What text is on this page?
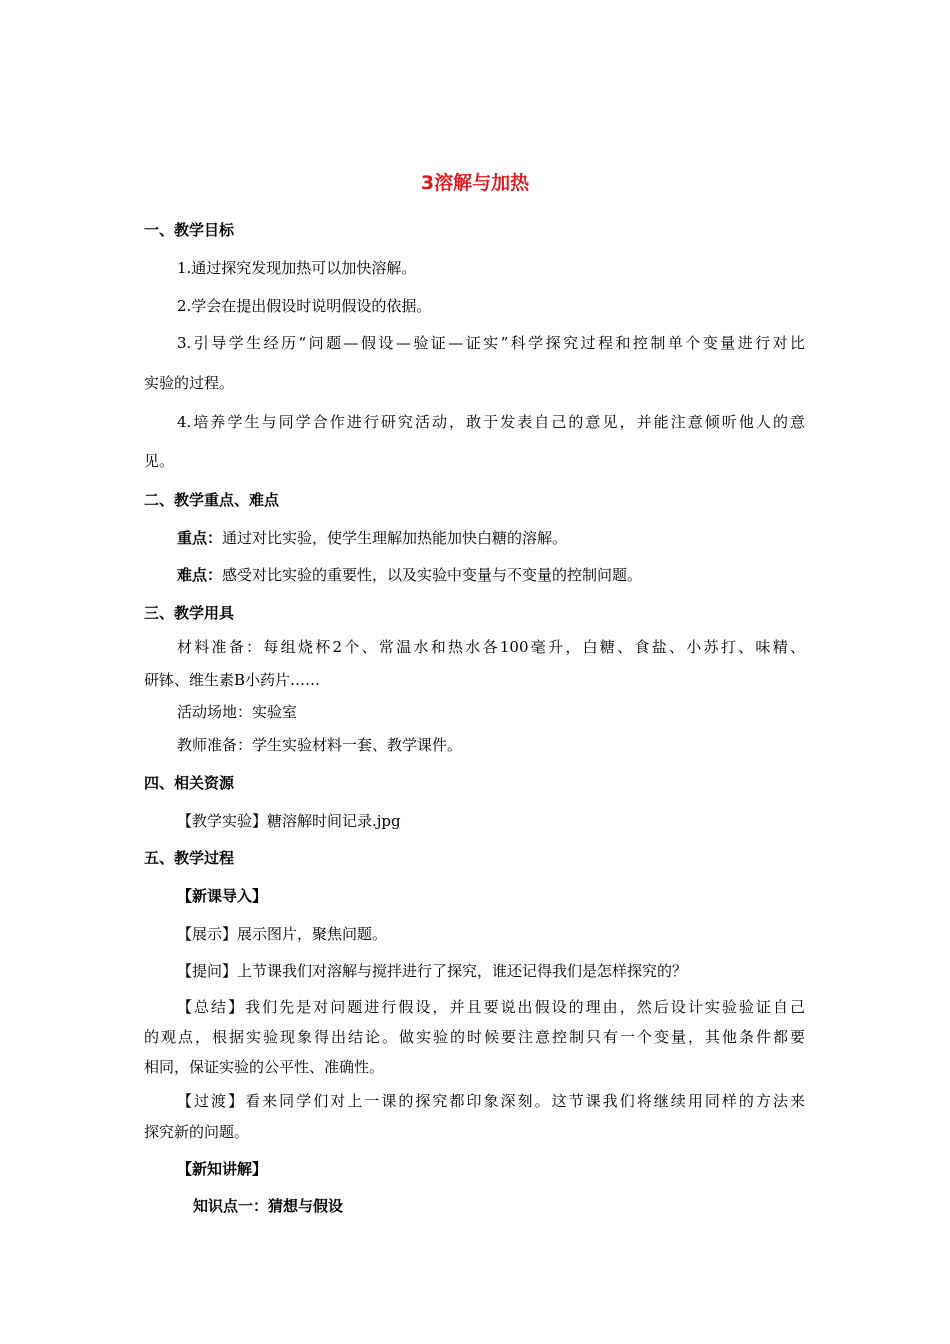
3溶解与加热
一、教学目标
1.通过探究发现加热可以加快溶解。
2.学会在提出假设时说明假设的依据。
3.引导学生经历“问题—假设—验证—证实”科学探究过程和控制单个变量进行对比
实验的过程。
4.培养学生与同学合作进行研究活动，敢于发表自己的意见，并能注意倾听他人的意
见。
二、教学重点、难点
重点：通过对比实验，使学生理解加热能加快白糖的溶解。
难点：感受对比实验的重要性，以及实验中变量与不变量的控制问题。
三、教学用具
材料准备：每组烧杯2个、常温水和热水各100毫升，白糖、食盐、小苏打、味精、
研钵、维生素B小药片……
活动场地：实验室
教师准备：学生实验材料一套、教学课件。
四、相关资源
【教学实验】糖溶解时间记录.jpg
五、教学过程
【新课导入】
【展示】展示图片，聚焦问题。
【提问】上节课我们对溶解与搅拌进行了探究，谁还记得我们是怎样探究的？
【总结】我们先是对问题进行假设，并且要说出假设的理由，然后设计实验验证自己
的观点，根据实验现象得出结论。做实验的时候要注意控制只有一个变量，其他条件都要
相同，保证实验的公平性、准确性。
【过渡】看来同学们对上一课的探究都印象深刻。这节课我们将继续用同样的方法来
探究新的问题。
【新知讲解】
知识点一：猜想与假设
